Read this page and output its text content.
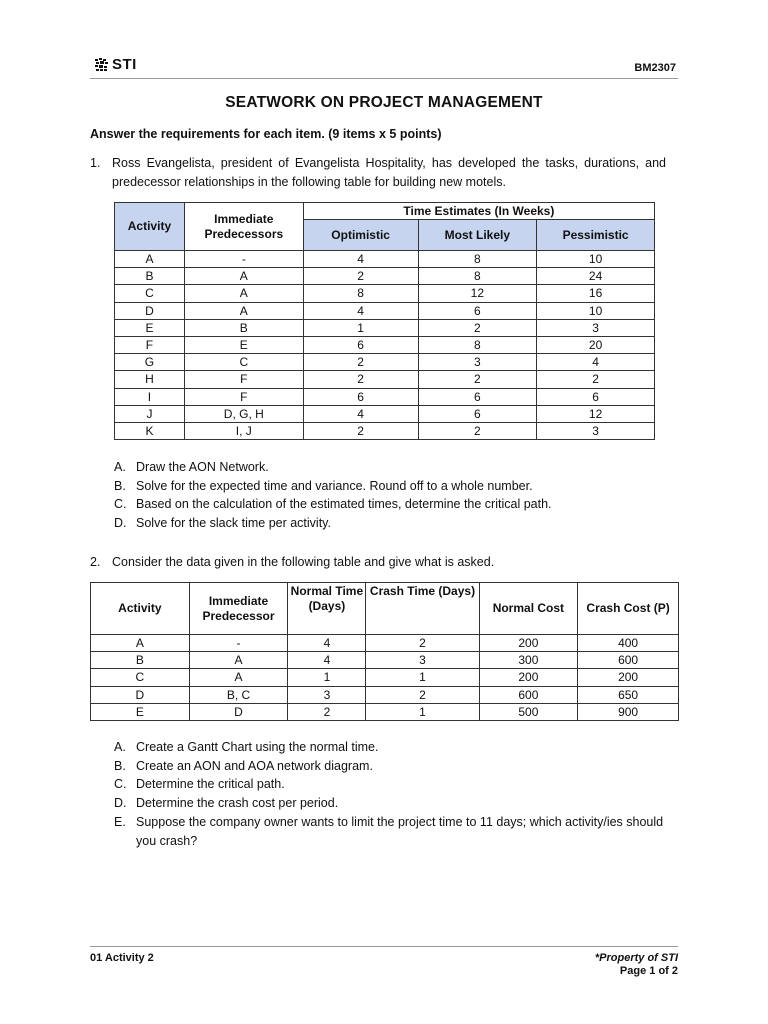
STI	BM2307
SEATWORK ON PROJECT MANAGEMENT
Answer the requirements for each item. (9 items x 5 points)
1. Ross Evangelista, president of Evangelista Hospitality, has developed the tasks, durations, and predecessor relationships in the following table for building new motels.
Activity	Immediate Predecessors	Time Estimates (In Weeks)		
		Optimistic	Most Likely	Pessimistic
A	-	4	8	10
B	A	2	8	24
C	A	8	12	16
D	A	4	6	10
E	B	1	2	3
F	E	6	8	20
G	C	2	3	4
H	F	2	2	2
I	F	6	6	6
J	D, G, H	4	6	12
K	I, J	2	2	3
A. Draw the AON Network.
B. Solve for the expected time and variance. Round off to a whole number.
C. Based on the calculation of the estimated times, determine the critical path.
D. Solve for the slack time per activity.
2. Consider the data given in the following table and give what is asked.
Activity	Immediate Predecessor	Normal Time (Days)	Crash Time (Days)	Normal Cost	Crash Cost (P)
A	-	4	2	200	400
B	A	4	3	300	600
C	A	1	1	200	200
D	B, C	3	2	600	650
E	D	2	1	500	900
A. Create a Gantt Chart using the normal time.
B. Create an AON and AOA network diagram.
C. Determine the critical path.
D. Determine the crash cost per period.
E. Suppose the company owner wants to limit the project time to 11 days; which activity/ies should you crash?
01 Activity 2	*Property of STI
Page 1 of 2
